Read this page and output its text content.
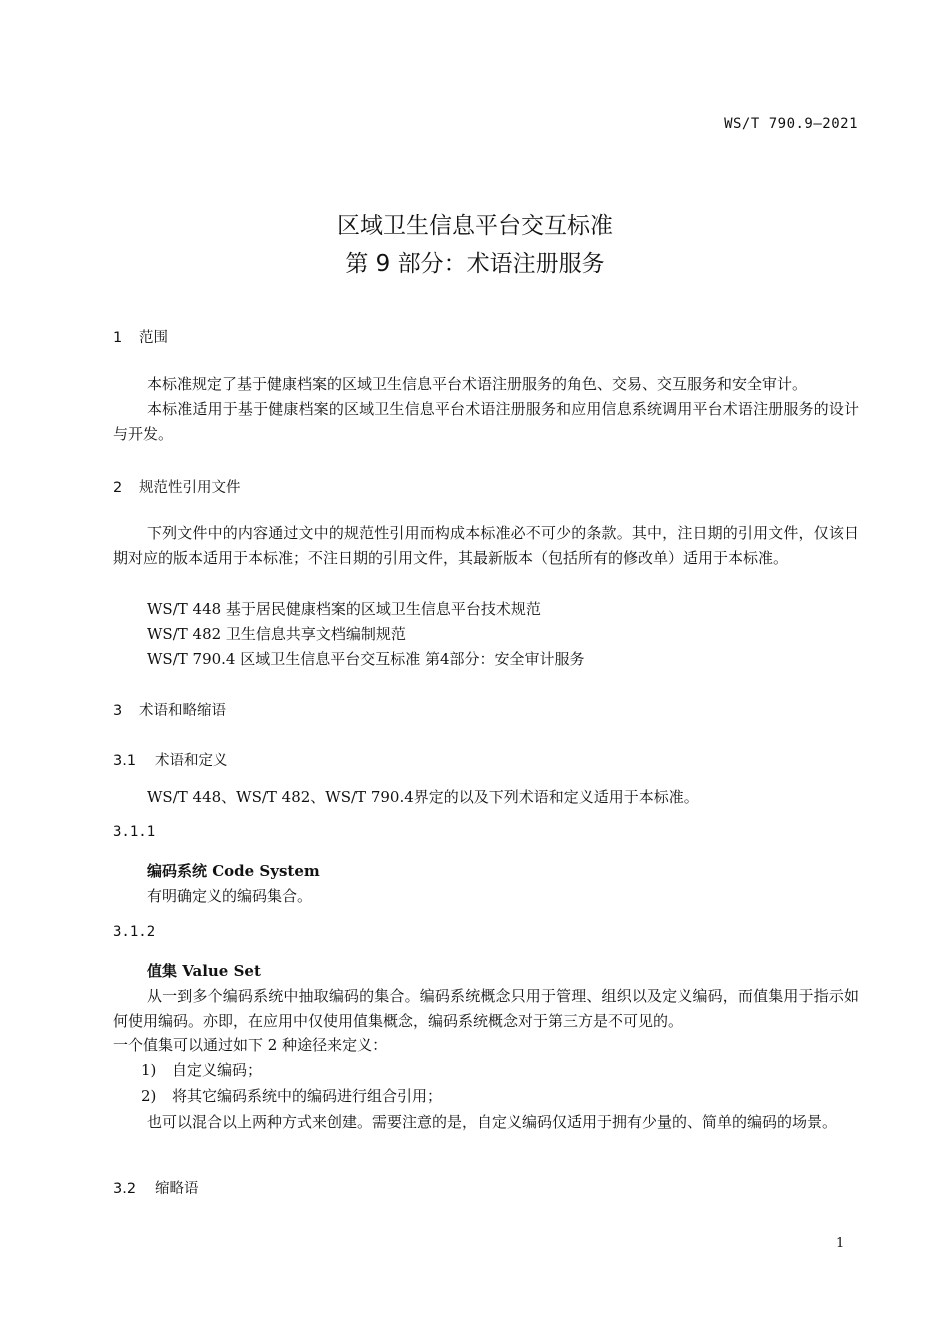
WS/T 790.9—2021
区域卫生信息平台交互标准
第 9 部分：术语注册服务
1 范围
本标准规定了基于健康档案的区域卫生信息平台术语注册服务的角色、交易、交互服务和安全审计。
本标准适用于基于健康档案的区域卫生信息平台术语注册服务和应用信息系统调用平台术语注册服务的设计与开发。
2 规范性引用文件
下列文件中的内容通过文中的规范性引用而构成本标准必不可少的条款。其中，注日期的引用文件，仅该日期对应的版本适用于本标准；不注日期的引用文件，其最新版本（包括所有的修改单）适用于本标准。
WS/T 448 基于居民健康档案的区域卫生信息平台技术规范
WS/T 482 卫生信息共享文档编制规范
WS/T 790.4 区域卫生信息平台交互标准 第4部分：安全审计服务
3 术语和略缩语
3.1 术语和定义
WS/T 448、WS/T 482、WS/T 790.4界定的以及下列术语和定义适用于本标准。
3.1.1
编码系统 Code System
有明确定义的编码集合。
3.1.2
值集 Value Set
从一到多个编码系统中抽取编码的集合。编码系统概念只用于管理、组织以及定义编码，而值集用于指示如何使用编码。亦即，在应用中仅使用值集概念，编码系统概念对于第三方是不可见的。
一个值集可以通过如下 2 种途径来定义：
1) 自定义编码；
2) 将其它编码系统中的编码进行组合引用；
也可以混合以上两种方式来创建。需要注意的是，自定义编码仅适用于拥有少量的、简单的编码的场景。
3.2 缩略语
1
